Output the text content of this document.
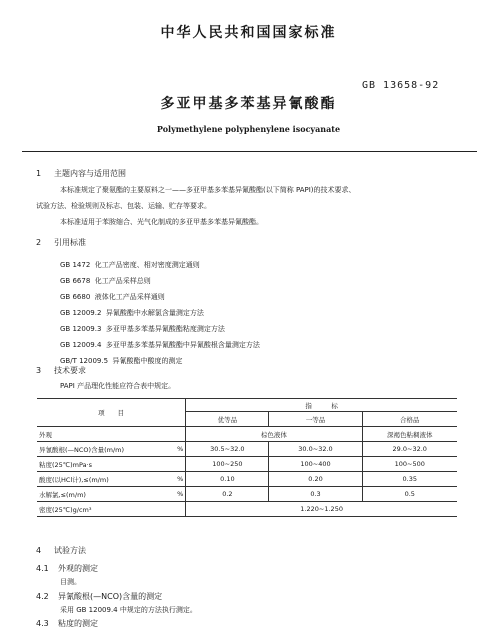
中华人民共和国国家标准
GB 13658-92
多亚甲基多苯基异氰酸酯
Polymethylene polyphenylene isocyanate
1 主题内容与适用范围
本标准规定了聚氨酯的主要原料之一——多亚甲基多苯基异氰酸酯(以下简称 PAPI)的技术要求、
试验方法、检验规则及标志、包装、运输、贮存等要求。
本标准适用于苯胺缩合、光气化制成的多亚甲基多苯基异氰酸酯。
2 引用标准
GB 1472 化工产品密度、相对密度测定通则
GB 6678 化工产品采样总则
GB 6680 液体化工产品采样通则
GB 12009.2 异氰酸酯中水解氯含量测定方法
GB 12009.3 多亚甲基多苯基异氰酸酯粘度测定方法
GB 12009.4 多亚甲基多苯基异氰酸酯中异氰酸根含量测定方法
GB/T 12009.5 异氰酸酯中酸度的测定
3 技术要求
PAPI 产品理化性能应符合表中规定。
项　　目		指　　　标		
		优等品	一等品	合格品
外观		棕色液体		深褐色粘稠液体
异氰酸根(—NCO)含量(m/m)	%	30.5~32.0	30.0~32.0	29.0~32.0
粘度(25℃)mPa·s		100~250	100~400	100~500
酸度(以HCl计),≤(m/m)	%	0.10	0.20	0.35
水解氯,≤(m/m)	%	0.2	0.3	0.5
密度(25℃)g/cm³		1.220~1.250		
4 试验方法
4.1 外观的测定
目测。
4.2 异氰酸根(—NCO)含量的测定
采用 GB 12009.4 中规定的方法执行测定。
4.3 粘度的测定
